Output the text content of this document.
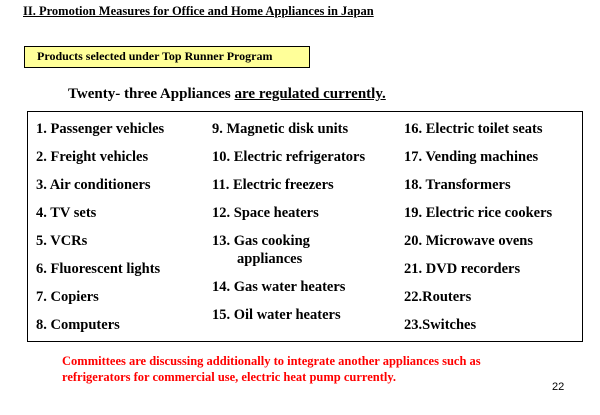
II. Promotion Measures for Office and Home Appliances in Japan
Products selected under Top Runner Program
Twenty- three Appliances are regulated currently.
1. Passenger vehicles
2. Freight vehicles
3. Air conditioners
4. TV sets
5. VCRs
6. Fluorescent lights
7. Copiers
8. Computers
9. Magnetic disk units
10. Electric refrigerators
11. Electric freezers
12. Space heaters
13. Gas cooking
appliances
14. Gas water heaters
15. Oil water heaters
16. Electric toilet seats
17. Vending machines
18. Transformers
19. Electric rice cookers
20. Microwave ovens
21. DVD recorders
22.Routers
23.Switches
Committees are discussing additionally to integrate another appliances such as
refrigerators for commercial use, electric heat pump currently.
22
